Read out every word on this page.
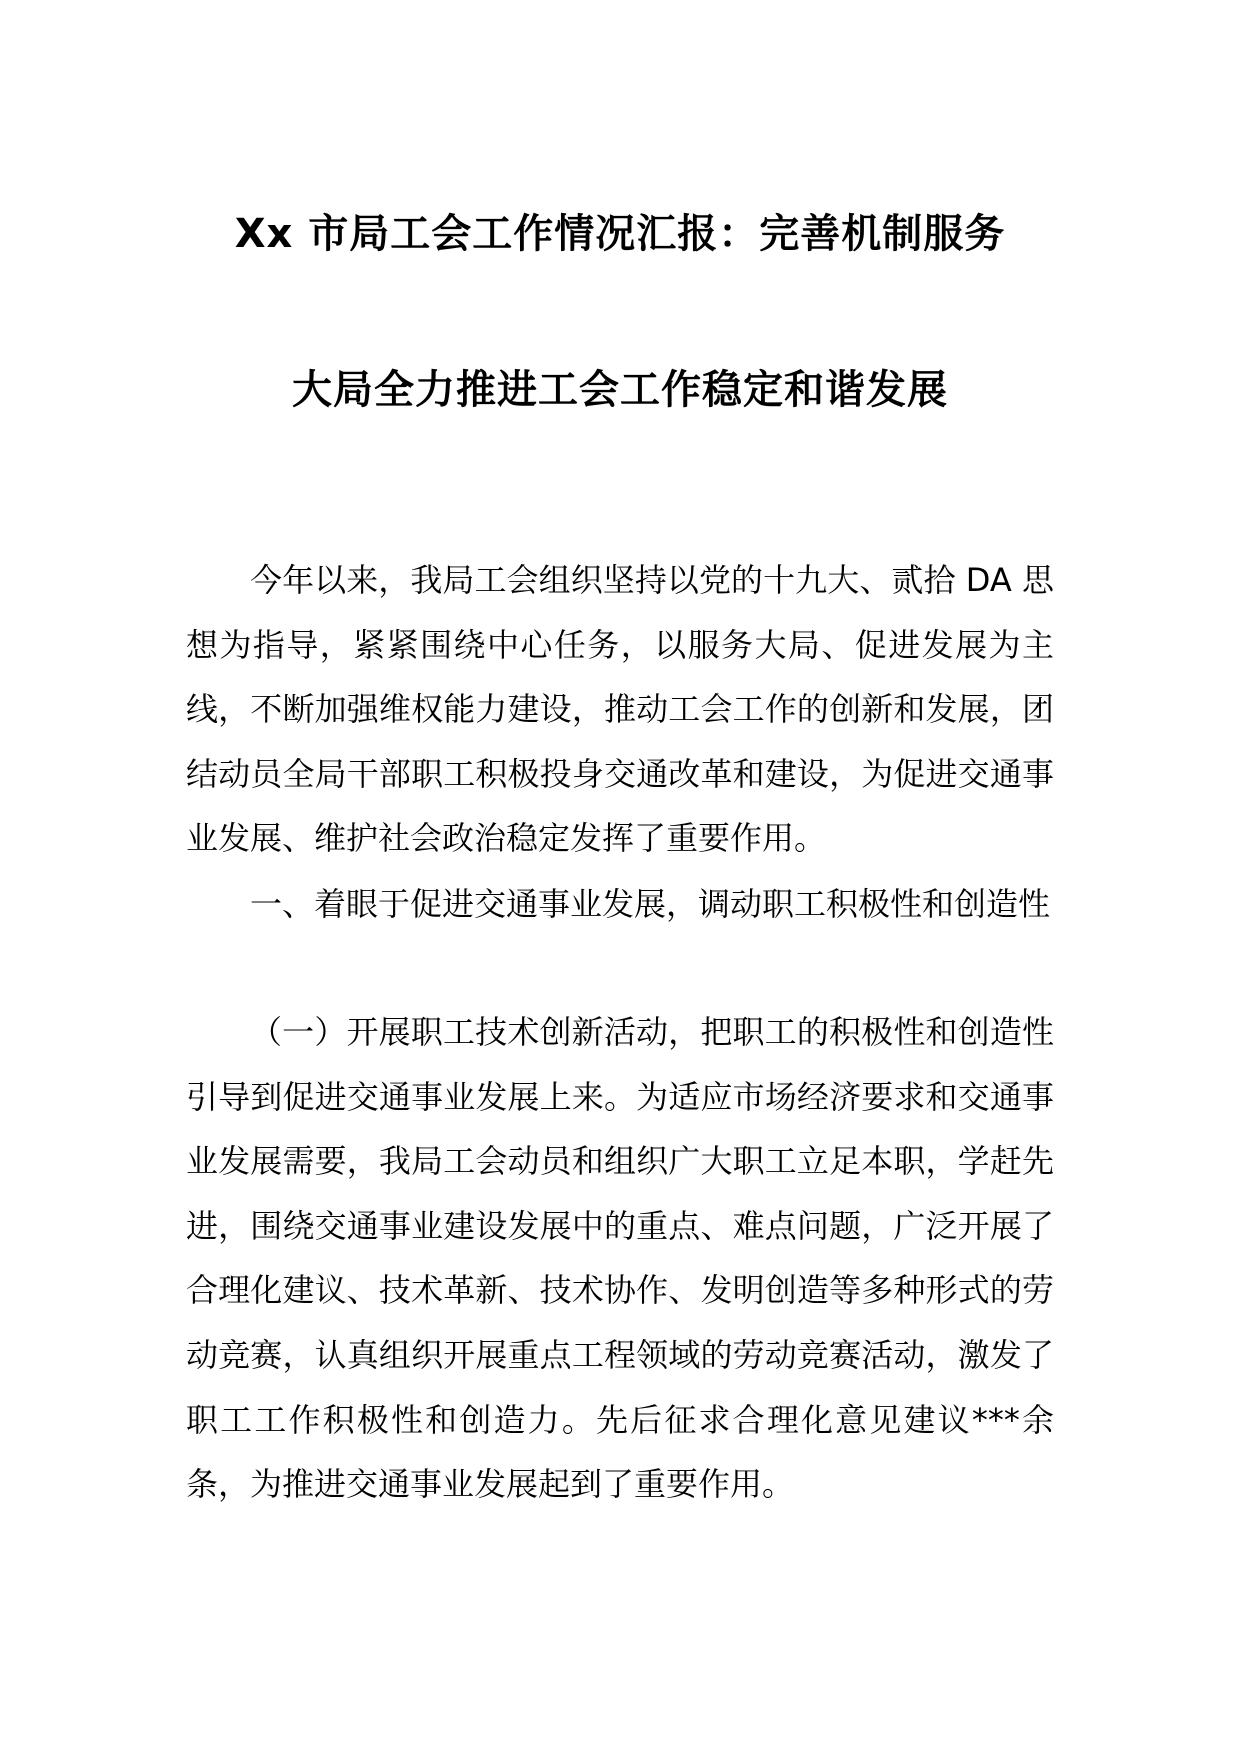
Xx 市局工会工作情况汇报：完善机制服务
大局全力推进工会工作稳定和谐发展

今年以来，我局工会组织坚持以党的十九大、贰拾 DA 思想为指导，紧紧围绕中心任务，以服务大局、促进发展为主线，不断加强维权能力建设，推动工会工作的创新和发展，团结动员全局干部职工积极投身交通改革和建设，为促进交通事业发展、维护社会政治稳定发挥了重要作用。

一、着眼于促进交通事业发展，调动职工积极性和创造性

（一）开展职工技术创新活动，把职工的积极性和创造性引导到促进交通事业发展上来。为适应市场经济要求和交通事业发展需要，我局工会动员和组织广大职工立足本职，学赶先进，围绕交通事业建设发展中的重点、难点问题，广泛开展了合理化建议、技术革新、技术协作、发明创造等多种形式的劳动竞赛，认真组织开展重点工程领域的劳动竞赛活动，激发了职工工作积极性和创造力。先后征求合理化意见建议***余条，为推进交通事业发展起到了重要作用。
